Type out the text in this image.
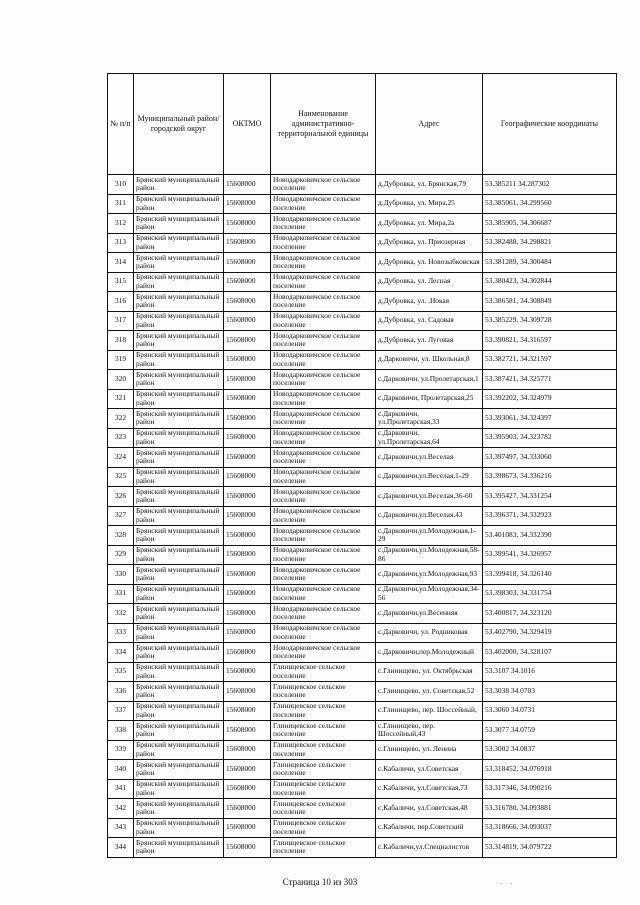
№ п/п	Муниципальный район/городской округ	ОКТМО	Наименование административно-территориальной единицы	Адрес	Географические координаты
310	Брянский муниципальный район	15608000	Новодарковичское сельское поселение	д.Дубровка, ул. Брянская,79	53.385211 34.287302
311	Брянский муниципальный район	15608000	Новодарковичское сельское поселение	д.Дубровка, ул. Мира,25	53.385061, 34.299560
312	Брянский муниципальный район	15608000	Новодарковичское сельское поселение	д.Дубровка, ул. Мира,2а	53.385905, 34.306687
313	Брянский муниципальный район	15608000	Новодарковичское сельское поселение	д.Дубровка, ул. Приозерная	53.382488, 34.298821
314	Брянский муниципальный район	15608000	Новодарковичское сельское поселение	д.Дубровка, ул. Новозыбковская	53.381289, 34.300484
315	Брянский муниципальный район	15608000	Новодарковичское сельское поселение	д.Дубровка, ул. Лесная	53.380423, 34.302844
316	Брянский муниципальный район	15608000	Новодарковичское сельское поселение	д.Дубровка, ул. .Новая	53.386581, 34.308849
317	Брянский муниципальный район	15608000	Новодарковичское сельское поселение	д.Дубровка, ул. Садовая	53.385229, 34.309728
318	Брянский муниципальный район	15608000	Новодарковичское сельское поселение	д.Дубровка, ул. Луговая	53.390821, 34.316597
319	Брянский муниципальный район	15608000	Новодарковичское сельское поселение	д.Дарковичи, ул. Школьная,8	53.382721, 34.321597
320	Брянский муниципальный район	15608000	Новодарковичское сельское поселение	с.Дарковичи, ул.Пролетарская,1	53.387421, 34.325771
321	Брянский муниципальный район	15608000	Новодарковичское сельское поселение	с.Дарковичи, Пролетарская,25	53.392202, 34.324979
322	Брянский муниципальный район	15608000	Новодарковичское сельское поселение	с.Дарковичи, ул.Пролетарская,33	53.393061, 34.324397
323	Брянский муниципальный район	15608000	Новодарковичское сельское поселение	с.Дарковичи, ул.Пролетарская,64	53.395903, 34.323782
324	Брянский муниципальный район	15608000	Новодарковичское сельское поселение	с.Дарковичи,ул.Веселая	53.397497, 34.333060
325	Брянский муниципальный район	15608000	Новодарковичское сельское поселение	с.Дарковичи,ул.Веселая,1-29	53.398673, 34.336216
326	Брянский муниципальный район	15608000	Новодарковичское сельское поселение	с.Дарковичи,ул.Веселая,36-60	53.395427, 34.331254
327	Брянский муниципальный район	15608000	Новодарковичское сельское поселение	с.Дарковичи,ул.Веселая,43	53.396371, 34.332923
328	Брянский муниципальный район	15608000	Новодарковичское сельское поселение	с.Дарковичи,ул.Молодежная,1-29	53.401083, 34.332390
329	Брянский муниципальный район	15608000	Новодарковичское сельское поселение	с.Дарковичи,ул.Молодежная,58-86	53.399541, 34.326957
330	Брянский муниципальный район	15608000	Новодарковичское сельское поселение	с.Дарковичи,ул.Молодежная,93	53.399418, 34.326140
331	Брянский муниципальный район	15608000	Новодарковичское сельское поселение	с.Дарковичи,ул.Молодежная,34-56	53.398303, 34.331754
332	Брянский муниципальный район	15608000	Новодарковичское сельское поселение	с.Дарковичи,ул.Весенняя	53.400817, 34.323120
333	Брянский муниципальный район	15608000	Новодарковичское сельское поселение	с.Дарковичи, ул. Родниковая	53.402790, 34.329419
334	Брянский муниципальный район	15608000	Новодарковичское сельское поселение	с.Дарковичи,пер.Молодежный	53.402000, 34.328107
335	Брянский муниципальный район	15608000	Глиницевское сельское поселение	с.Глинищево, ул. Октябрьская	53.3107 34.1016
336	Брянский муниципальный район	15608000	Глиницевское сельское поселение	с.Глинищево, ул. Советская,52	53.3038 34.0703
337	Брянский муниципальный район	15608000	Глиницевское сельское поселение	с.Глинищево, пер. Шоссейный,	53.3060 34.0731
338	Брянский муниципальный район	15608000	Глиницевское сельское поселение	с.Глинищево, пер. Шоссейный,43	53.3077 34.0759
339	Брянский муниципальный район	15608000	Глиницевское сельское поселение	с.Глинищево, ул. Ленина	53.3002 34.0837
340	Брянский муниципальный район	15608000	Глиницевское сельское поселение	с.Кабаличи, ул.Советская	53.318452, 34.076918
341	Брянский муниципальный район	15608000	Глиницевское сельское поселение	с.Кабаличи, ул.Советская,73	53.317346, 34.090216
342	Брянский муниципальный район	15608000	Глиницевское сельское поселение	с.Кабаличи, ул.Советская,48	53.316780, 34.093881
343	Брянский муниципальный район	15608000	Глиницевское сельское поселение	с.Кабаличи, пер.Советский	53.318666, 34.093037
344	Брянский муниципальный район	15608000	Глиницевское сельское поселение	с.Кабаличи,ул.Специалистов	53.314819, 34.079722
Страница 10 из 303	· ·
